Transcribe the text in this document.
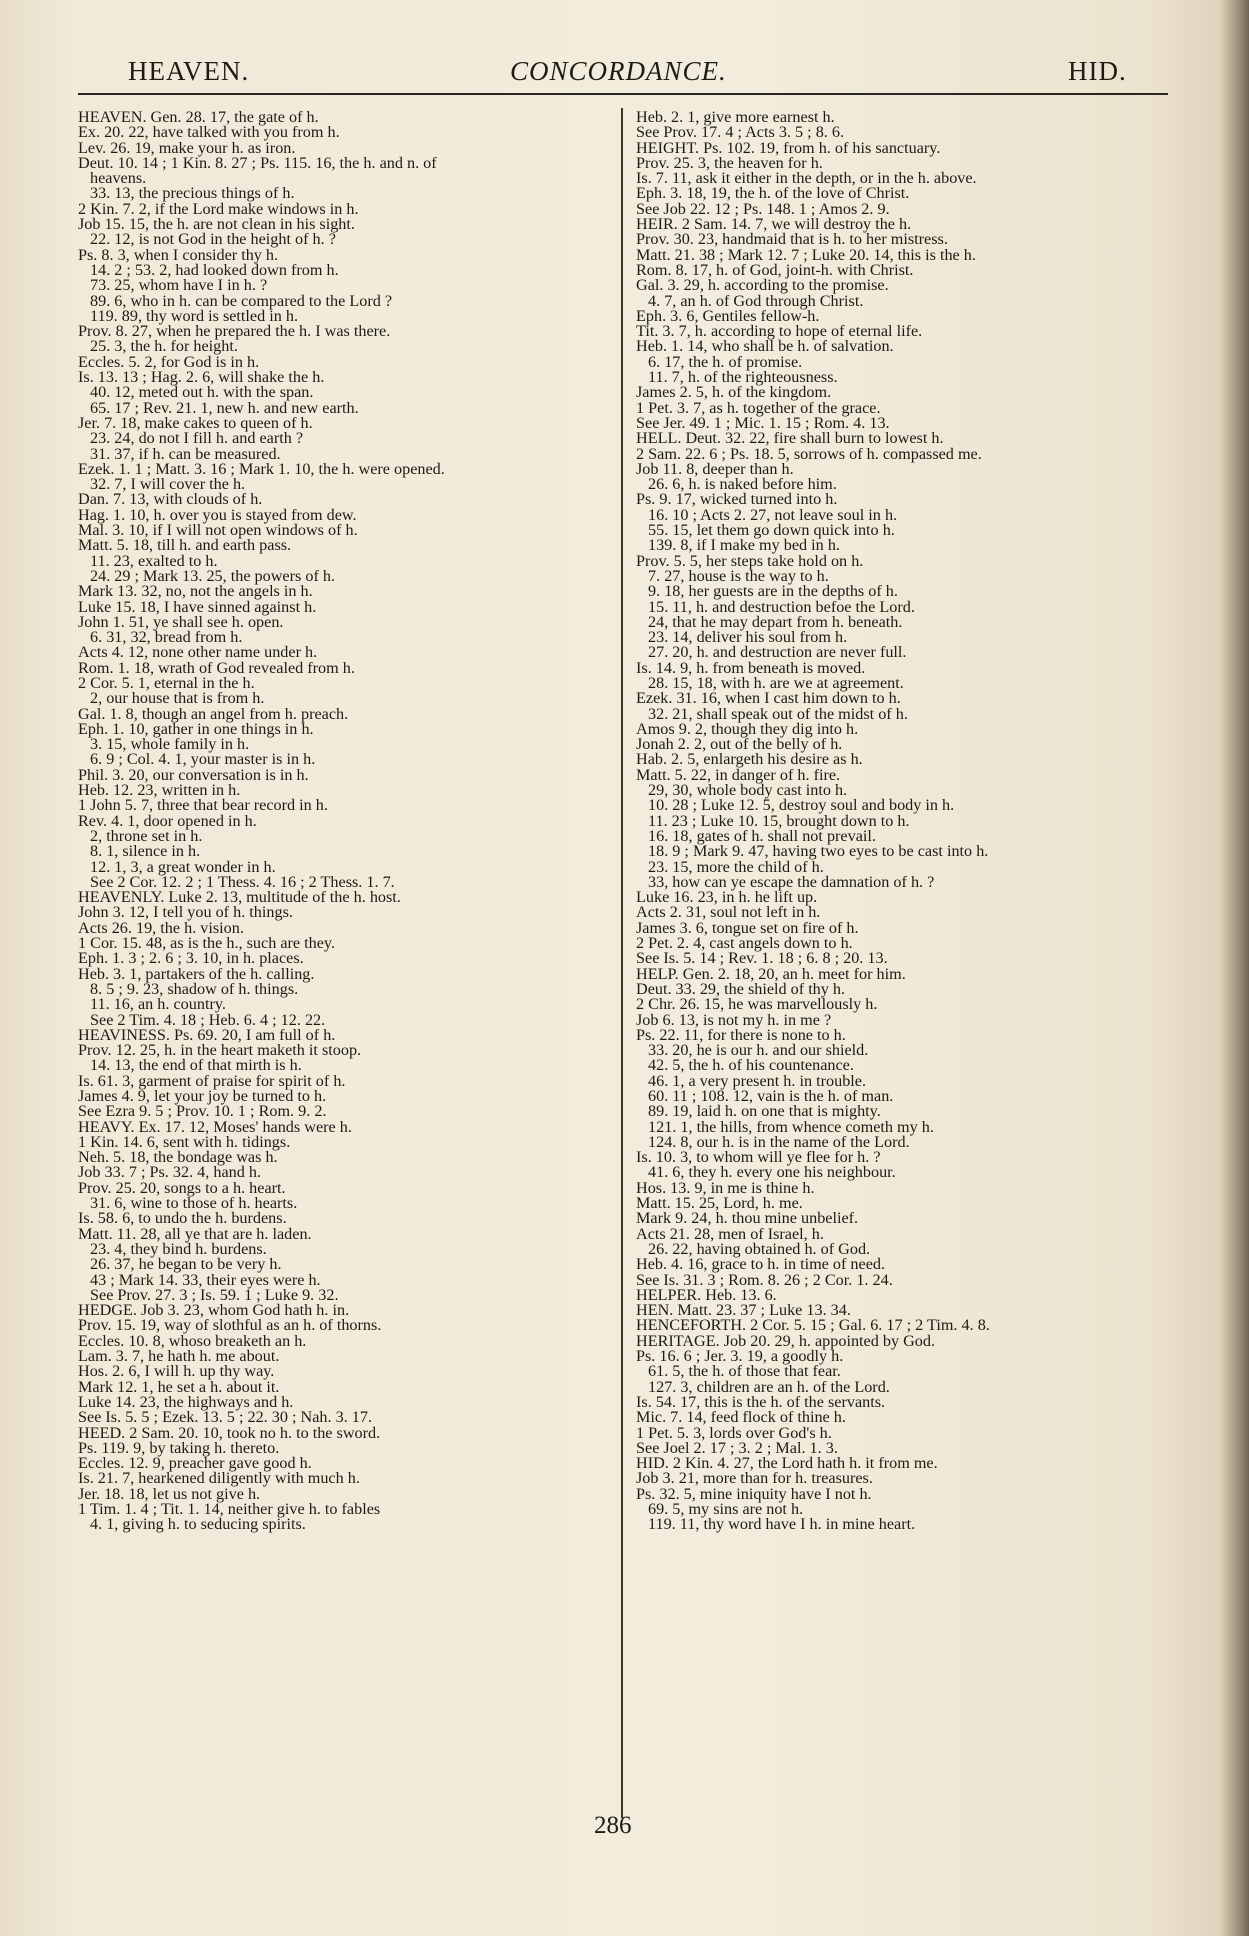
HEAVEN.	CONCORDANCE.	HID.
HEAVEN. Gen. 28. 17, the gate of h.
Ex. 20. 22, have talked with you from h.
Lev. 26. 19, make your h. as iron.
Deut. 10. 14 ; 1 Kin. 8. 27 ; Ps. 115. 16, the h. and n. of
heavens.
33. 13, the precious things of h.
2 Kin. 7. 2, if the Lord make windows in h.
Job 15. 15, the h. are not clean in his sight.
22. 12, is not God in the height of h. ?
Ps. 8. 3, when I consider thy h.
14. 2 ; 53. 2, had looked down from h.
73. 25, whom have I in h. ?
89. 6, who in h. can be compared to the Lord ?
119. 89, thy word is settled in h.
Prov. 8. 27, when he prepared the h. I was there.
25. 3, the h. for height.
Eccles. 5. 2, for God is in h.
Is. 13. 13 ; Hag. 2. 6, will shake the h.
40. 12, meted out h. with the span.
65. 17 ; Rev. 21. 1, new h. and new earth.
Jer. 7. 18, make cakes to queen of h.
23. 24, do not I fill h. and earth ?
31. 37, if h. can be measured.
Ezek. 1. 1 ; Matt. 3. 16 ; Mark 1. 10, the h. were opened.
32. 7, I will cover the h.
Dan. 7. 13, with clouds of h.
Hag. 1. 10, h. over you is stayed from dew.
Mal. 3. 10, if I will not open windows of h.
Matt. 5. 18, till h. and earth pass.
11. 23, exalted to h.
24. 29 ; Mark 13. 25, the powers of h.
Mark 13. 32, no, not the angels in h.
Luke 15. 18, I have sinned against h.
John 1. 51, ye shall see h. open.
6. 31, 32, bread from h.
Acts 4. 12, none other name under h.
Rom. 1. 18, wrath of God revealed from h.
2 Cor. 5. 1, eternal in the h.
2, our house that is from h.
Gal. 1. 8, though an angel from h. preach.
Eph. 1. 10, gather in one things in h.
3. 15, whole family in h.
6. 9 ; Col. 4. 1, your master is in h.
Phil. 3. 20, our conversation is in h.
Heb. 12. 23, written in h.
1 John 5. 7, three that bear record in h.
Rev. 4. 1, door opened in h.
2, throne set in h.
8. 1, silence in h.
12. 1, 3, a great wonder in h.
See 2 Cor. 12. 2 ; 1 Thess. 4. 16 ; 2 Thess. 1. 7.
HEAVENLY. Luke 2. 13, multitude of the h. host.
John 3. 12, I tell you of h. things.
Acts 26. 19, the h. vision.
1 Cor. 15. 48, as is the h., such are they.
Eph. 1. 3 ; 2. 6 ; 3. 10, in h. places.
Heb. 3. 1, partakers of the h. calling.
8. 5 ; 9. 23, shadow of h. things.
11. 16, an h. country.
See 2 Tim. 4. 18 ; Heb. 6. 4 ; 12. 22.
HEAVINESS. Ps. 69. 20, I am full of h.
Prov. 12. 25, h. in the heart maketh it stoop.
14. 13, the end of that mirth is h.
Is. 61. 3, garment of praise for spirit of h.
James 4. 9, let your joy be turned to h.
See Ezra 9. 5 ; Prov. 10. 1 ; Rom. 9. 2.
HEAVY. Ex. 17. 12, Moses' hands were h.
1 Kin. 14. 6, sent with h. tidings.
Neh. 5. 18, the bondage was h.
Job 33. 7 ; Ps. 32. 4, hand h.
Prov. 25. 20, songs to a h. heart.
31. 6, wine to those of h. hearts.
Is. 58. 6, to undo the h. burdens.
Matt. 11. 28, all ye that are h. laden.
23. 4, they bind h. burdens.
26. 37, he began to be very h.
43 ; Mark 14. 33, their eyes were h.
See Prov. 27. 3 ; Is. 59. 1 ; Luke 9. 32.
HEDGE. Job 3. 23, whom God hath h. in.
Prov. 15. 19, way of slothful as an h. of thorns.
Eccles. 10. 8, whoso breaketh an h.
Lam. 3. 7, he hath h. me about.
Hos. 2. 6, I will h. up thy way.
Mark 12. 1, he set a h. about it.
Luke 14. 23, the highways and h.
See Is. 5. 5 ; Ezek. 13. 5 ; 22. 30 ; Nah. 3. 17.
HEED. 2 Sam. 20. 10, took no h. to the sword.
Ps. 119. 9, by taking h. thereto.
Eccles. 12. 9, preacher gave good h.
Is. 21. 7, hearkened diligently with much h.
Jer. 18. 18, let us not give h.
1 Tim. 1. 4 ; Tit. 1. 14, neither give h. to fables
4. 1, giving h. to seducing spirits.
Heb. 2. 1, give more earnest h.
See Prov. 17. 4 ; Acts 3. 5 ; 8. 6.
HEIGHT. Ps. 102. 19, from h. of his sanctuary.
Prov. 25. 3, the heaven for h.
Is. 7. 11, ask it either in the depth, or in the h. above.
Eph. 3. 18, 19, the h. of the love of Christ.
See Job 22. 12 ; Ps. 148. 1 ; Amos 2. 9.
HEIR. 2 Sam. 14. 7, we will destroy the h.
Prov. 30. 23, handmaid that is h. to her mistress.
Matt. 21. 38 ; Mark 12. 7 ; Luke 20. 14, this is the h.
Rom. 8. 17, h. of God, joint-h. with Christ.
Gal. 3. 29, h. according to the promise.
4. 7, an h. of God through Christ.
Eph. 3. 6, Gentiles fellow-h.
Tit. 3. 7, h. according to hope of eternal life.
Heb. 1. 14, who shall be h. of salvation.
6. 17, the h. of promise.
11. 7, h. of the righteousness.
James 2. 5, h. of the kingdom.
1 Pet. 3. 7, as h. together of the grace.
See Jer. 49. 1 ; Mic. 1. 15 ; Rom. 4. 13.
HELL. Deut. 32. 22, fire shall burn to lowest h.
2 Sam. 22. 6 ; Ps. 18. 5, sorrows of h. compassed me.
Job 11. 8, deeper than h.
26. 6, h. is naked before him.
Ps. 9. 17, wicked turned into h.
16. 10 ; Acts 2. 27, not leave soul in h.
55. 15, let them go down quick into h.
139. 8, if I make my bed in h.
Prov. 5. 5, her steps take hold on h.
7. 27, house is the way to h.
9. 18, her guests are in the depths of h.
15. 11, h. and destruction befoe the Lord.
24, that he may depart from h. beneath.
23. 14, deliver his soul from h.
27. 20, h. and destruction are never full.
Is. 14. 9, h. from beneath is moved.
28. 15, 18, with h. are we at agreement.
Ezek. 31. 16, when I cast him down to h.
32. 21, shall speak out of the midst of h.
Amos 9. 2, though they dig into h.
Jonah 2. 2, out of the belly of h.
Hab. 2. 5, enlargeth his desire as h.
Matt. 5. 22, in danger of h. fire.
29, 30, whole body cast into h.
10. 28 ; Luke 12. 5, destroy soul and body in h.
11. 23 ; Luke 10. 15, brought down to h.
16. 18, gates of h. shall not prevail.
18. 9 ; Mark 9. 47, having two eyes to be cast into h.
23. 15, more the child of h.
33, how can ye escape the damnation of h. ?
Luke 16. 23, in h. he lift up.
Acts 2. 31, soul not left in h.
James 3. 6, tongue set on fire of h.
2 Pet. 2. 4, cast angels down to h.
See Is. 5. 14 ; Rev. 1. 18 ; 6. 8 ; 20. 13.
HELP. Gen. 2. 18, 20, an h. meet for him.
Deut. 33. 29, the shield of thy h.
2 Chr. 26. 15, he was marvellously h.
Job 6. 13, is not my h. in me ?
Ps. 22. 11, for there is none to h.
33. 20, he is our h. and our shield.
42. 5, the h. of his countenance.
46. 1, a very present h. in trouble.
60. 11 ; 108. 12, vain is the h. of man.
89. 19, laid h. on one that is mighty.
121. 1, the hills, from whence cometh my h.
124. 8, our h. is in the name of the Lord.
Is. 10. 3, to whom will ye flee for h. ?
41. 6, they h. every one his neighbour.
Hos. 13. 9, in me is thine h.
Matt. 15. 25, Lord, h. me.
Mark 9. 24, h. thou mine unbelief.
Acts 21. 28, men of Israel, h.
26. 22, having obtained h. of God.
Heb. 4. 16, grace to h. in time of need.
See Is. 31. 3 ; Rom. 8. 26 ; 2 Cor. 1. 24.
HELPER. Heb. 13. 6.
HEN. Matt. 23. 37 ; Luke 13. 34.
HENCEFORTH. 2 Cor. 5. 15 ; Gal. 6. 17 ; 2 Tim. 4. 8.
HERITAGE. Job 20. 29, h. appointed by God.
Ps. 16. 6 ; Jer. 3. 19, a goodly h.
61. 5, the h. of those that fear.
127. 3, children are an h. of the Lord.
Is. 54. 17, this is the h. of the servants.
Mic. 7. 14, feed flock of thine h.
1 Pet. 5. 3, lords over God's h.
See Joel 2. 17 ; 3. 2 ; Mal. 1. 3.
HID. 2 Kin. 4. 27, the Lord hath h. it from me.
Job 3. 21, more than for h. treasures.
Ps. 32. 5, mine iniquity have I not h.
69. 5, my sins are not h.
119. 11, thy word have I h. in mine heart.
286
